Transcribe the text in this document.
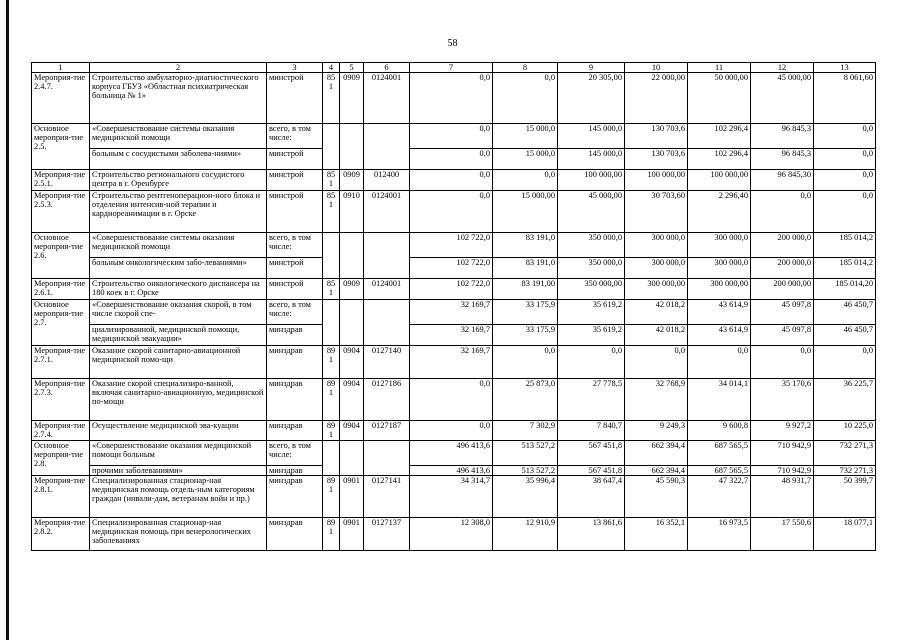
58
1	2	3	4	5	6	7	8	9	10	11	12	13
Мероприя-тие 2.4.7.	Строительство амбулаторно-диагностического корпуса ГБУЗ «Областная психиатрическая больница № 1»	минстрой	851	0909	0124001	0,0	0,0	20 305,00	22 000,00	50 000,00	45 000,00	8 061,60
Основное мероприя-тие 2.5.	«Совершенствование системы оказания медицинской помощи	всего, в том числе:				0,0	15 000,0	145 000,0	130 703,6	102 296,4	96 845,3	0,0
	больным с сосудистыми заболева-ниями»	минстрой				0,0	15 000,0	145 000,0	130 703,6	102 296,4	96 845,3	0,0
Мероприя-тие 2.5.1.	Строительство регионального сосудистого центра в г. Оренбурге	минстрой	851	0909	012400	0,0	0,0	100 000,00	100 000,00	100 000,00	96 845,30	0,0
Мероприя-тие 2.5.3.	Строительство рентгеноперацион-ного блока и отделения интенсив-ной терапии и кардиореанимации в г. Орске	минстрой	851	0910	0124001	0,0	15 000,00	45 000,00	30 703,60	2 296,40	0,0	0,0
Основное мероприя-тие 2.6.	«Совершенствование системы оказания медицинской помощи	всего, в том числе:				102 722,0	83 191,0	350 000,0	300 000,0	300 000,0	200 000,0	185 014,2
	больным онкологическим забо-леваниями»	минстрой				102 722,0	83 191,0	350 000,0	300 000,0	300 000,0	200 000,0	185 014,2
Мероприя-тие 2.6.1.	Строительство онкологического диспансера на 180 коек в г. Орске	минстрой	851	0909	0124001	102 722,0	83 191,00	350 000,00	300 000,00	300 000,00	200 000,00	185 014,20
Основное мероприя-тие 2.7.	«Совершенствование оказания скорой, в том числе скорой спе-	всего, в том числе:				32 169,7	33 175,9	35 619,2	42 018,2	43 614,9	45 097,8	46 450,7
	циализированной, медицинской помощи, медицинской эвакуации»	минздрав				32 169,7	33 175,9	35 619,2	42 018,2	43 614,9	45 097,8	46 450,7
Мероприя-тие 2.7.1.	Оказание скорой санитарно-авиационной медицинской помо-щи	минздрав	891	0904	0127140	32 169,7	0,0	0,0	0,0	0,0	0,0	0,0
Мероприя-тие 2.7.3.	Оказание скорой специализиро-ванной, включая санитарно-авиационную, медицинской по-мощи	минздрав	891	0904	0127186	0,0	25 873,0	27 778,5	32 768,9	34 014,1	35 170,6	36 225,7
Мероприя-тие 2.7.4.	Осуществление медицинской эва-куации	минздрав	891	0904	0127187	0,0	7 302,9	7 840,7	9 249,3	9 600,8	9 927,2	10 225,0
Основное мероприя-тие 2.8.	«Совершенствование оказания медицинской помощи больным	всего, в том числе:				496 413,6	513 527,2	567 451,8	662 394,4	687 565,5	710 942,9	732 271,3
	прочими заболеваниями»	минздрав				496 413,6	513 527,2	567 451,8	662 394,4	687 565,5	710 942,9	732 271,3
Мероприя-тие 2.8.1.	Специализированная стационар-ная медицинская помощь отдель-ным категориям граждан (инвали-дам, ветеранам войн и пр.)	минздрав	891	0901	0127141	34 314,7	35 996,4	38 647,4	45 590,3	47 322,7	48 931,7	50 399,7
Мероприя-тие 2.8.2.	Специализированная стационар-ная медицинская помощь при венерологических заболеваниях	минздрав	891	0901	0127137	12 308,0	12 910,9	13 861,6	16 352,1	16 973,5	17 550,6	18 077,1
